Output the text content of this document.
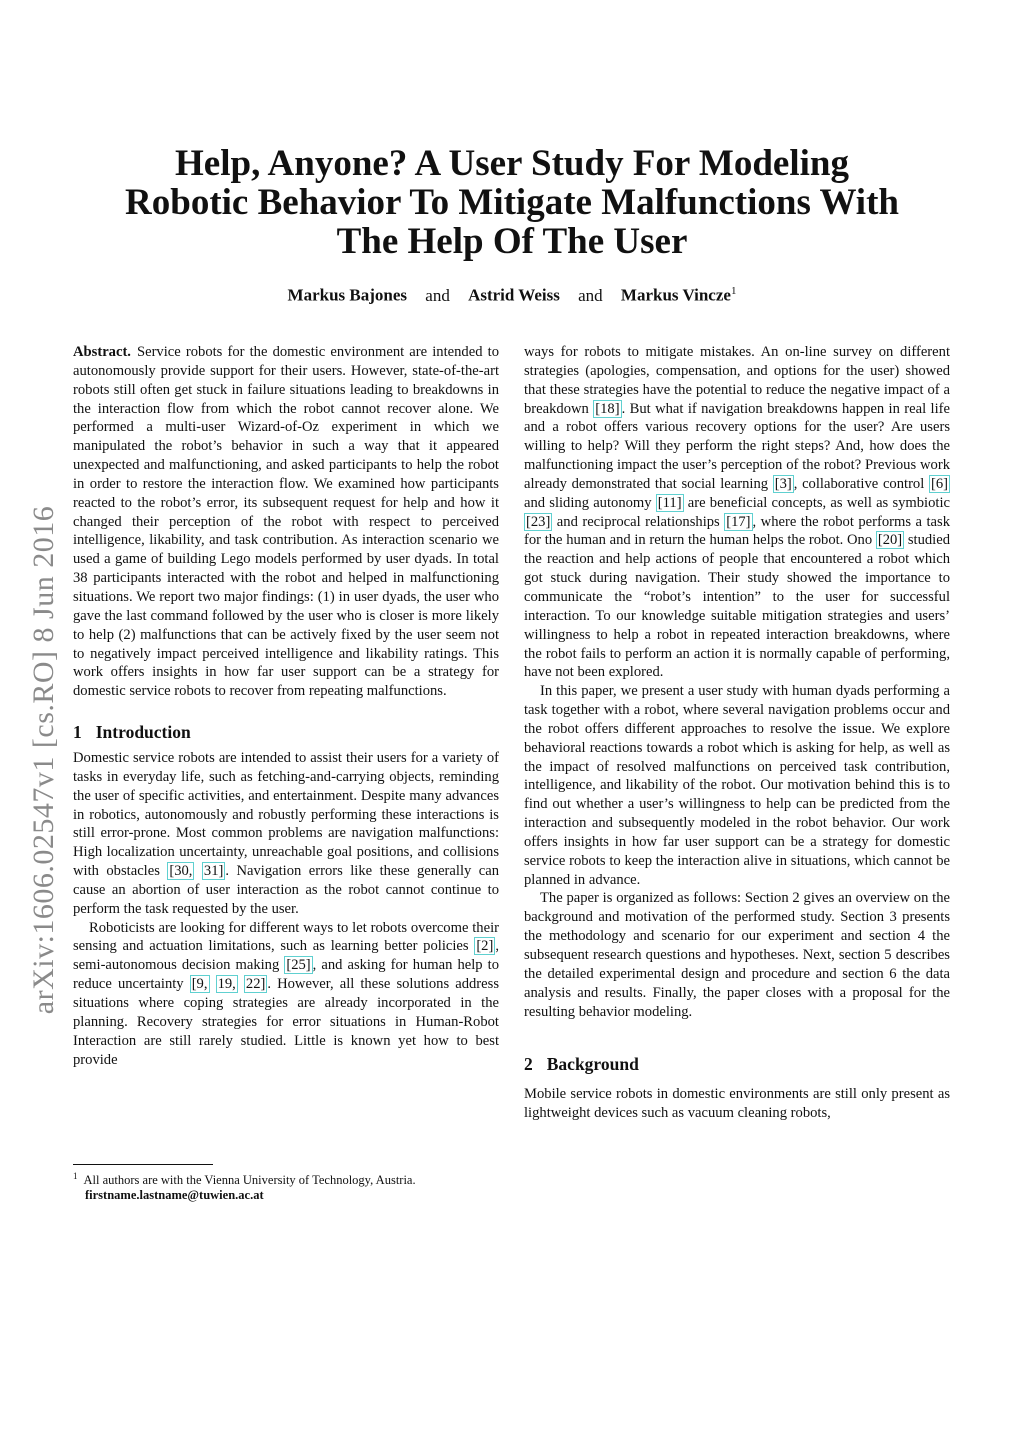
arXiv:1606.02547v1 [cs.RO] 8 Jun 2016
Help, Anyone? A User Study For Modeling
Robotic Behavior To Mitigate Malfunctions With
The Help Of The User
Markus Bajones and Astrid Weiss and Markus Vincze$^1$

Abstract. Service robots for the domestic environment are intended to autonomously provide support for their users. However, state-of-the-art robots still often get stuck in failure situations leading to breakdowns in the interaction flow from which the robot cannot recover alone. We performed a multi-user Wizard-of-Oz experiment in which we manipulated the robot’s behavior in such a way that it appeared unexpected and malfunctioning, and asked participants to help the robot in order to restore the interaction flow. We examined how participants reacted to the robot’s error, its subsequent request for help and how it changed their perception of the robot with respect to perceived intelligence, likability, and task contribution. As interaction scenario we used a game of building Lego models performed by user dyads. In total 38 participants interacted with the robot and helped in malfunctioning situations. We report two major findings: (1) in user dyads, the user who gave the last command followed by the user who is closer is more likely to help (2) malfunctions that can be actively fixed by the user seem not to negatively impact perceived intelligence and likability ratings. This work offers insights in how far user support can be a strategy for domestic service robots to recover from repeating malfunctions.

1 Introduction

Domestic service robots are intended to assist their users for a variety of tasks in everyday life, such as fetching-and-carrying objects, reminding the user of specific activities, and entertainment. Despite many advances in robotics, autonomously and robustly performing these interactions is still error-prone. Most common problems are navigation malfunctions: High localization uncertainty, unreachable goal positions, and collisions with obstacles [30, 31] . Navigation errors like these generally can cause an abortion of user interaction as the robot cannot continue to perform the task requested by the user.

Roboticists are looking for different ways to let robots overcome their sensing and actuation limitations, such as learning better policies [2] , semi-autonomous decision making [25] , and asking for human help to reduce uncertainty [9, 19, 22] . However, all these solutions address situations where coping strategies are already incorporated in the planning. Recovery strategies for error situations in Human-Robot Interaction are still rarely studied. Little is known yet how to best provide

ways for robots to mitigate mistakes. An on-line survey on different strategies (apologies, compensation, and options for the user) showed that these strategies have the potential to reduce the negative impact of a breakdown [18] . But what if navigation breakdowns happen in real life and a robot offers various recovery options for the user? Are users willing to help? Will they perform the right steps? And, how does the malfunctioning impact the user’s perception of the robot? Previous work already demonstrated that social learning [3] , collaborative control [6] and sliding autonomy [11] are beneficial concepts, as well as symbiotic [23] and reciprocal relationships [17] , where the robot performs a task for the human and in return the human helps the robot. Ono [20] studied the reaction and help actions of people that encountered a robot which got stuck during navigation. Their study showed the importance to communicate the “robot’s intention” to the user for successful interaction. To our knowledge suitable mitigation strategies and users’ willingness to help a robot in repeated interaction breakdowns, where the robot fails to perform an action it is normally capable of performing, have not been explored.

In this paper, we present a user study with human dyads performing a task together with a robot, where several navigation problems occur and the robot offers different approaches to resolve the issue. We explore behavioral reactions towards a robot which is asking for help, as well as the impact of resolved malfunctions on perceived task contribution, intelligence, and likability of the robot. Our motivation behind this is to find out whether a user’s willingness to help can be predicted from the interaction and subsequently modeled in the robot behavior. Our work offers insights in how far user support can be a strategy for domestic service robots to keep the interaction alive in situations, which cannot be planned in advance.

The paper is organized as follows: Section 2 gives an overview on the background and motivation of the performed study. Section 3 presents the methodology and scenario for our experiment and section 4 the subsequent research questions and hypotheses. Next, section 5 describes the detailed experimental design and procedure and section 6 the data analysis and results. Finally, the paper closes with a proposal for the resulting behavior modeling.

2 Background

Mobile service robots in domestic environments are still only present as lightweight devices such as vacuum cleaning robots,

$^1$ All authors are with the Vienna University of Technology, Austria.
firstname.lastname@tuwien.ac.at
